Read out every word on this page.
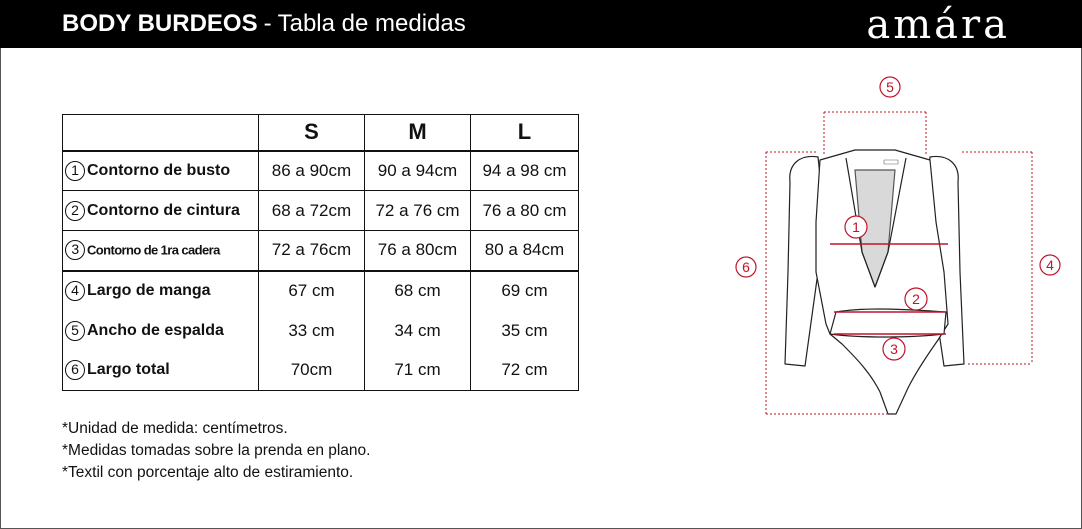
BODY BURDEOS - Tabla de medidas	amára
	S	M	L
1 Contorno de busto	86 a 90cm	90 a 94cm	94 a 98 cm
2 Contorno de cintura	68 a 72cm	72 a 76 cm	76 a 80 cm
3 Contorno de 1ra cadera	72 a 76cm	76 a 80cm	80 a 84cm
4 Largo de manga	67 cm	68 cm	69 cm
5 Ancho de espalda	33 cm	34 cm	35 cm
6 Largo total	70cm	71 cm	72 cm
*Unidad de medida: centímetros.
*Medidas tomadas sobre la prenda en plano.
*Textil con porcentaje alto de estiramiento.
5
1
2
3
6	4
